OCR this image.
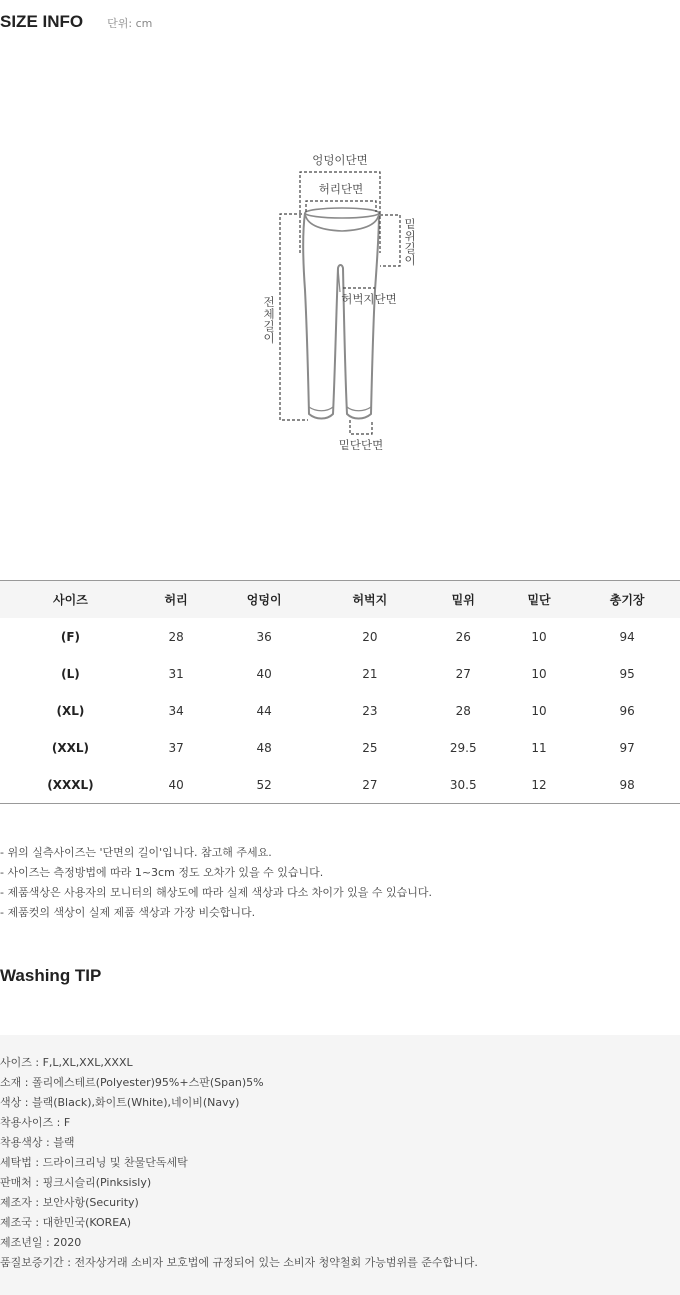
SIZE INFO 단위: cm
엉덩이단면
허리단면
밑
위
길
이
전
체
길
이
허벅지단면
밑단단면
사이즈	허리	엉덩이	허벅지	밑위	밑단	총기장
(F)	28	36	20	26	10	94
(L)	31	40	21	27	10	95
(XL)	34	44	23	28	10	96
(XXL)	37	48	25	29.5	11	97
(XXXL)	40	52	27	30.5	12	98
- 위의 실측사이즈는 '단면의 길이'입니다. 참고해 주세요.
- 사이즈는 측정방법에 따라 1~3cm 정도 오차가 있을 수 있습니다.
- 제품색상은 사용자의 모니터의 해상도에 따라 실제 색상과 다소 차이가 있을 수 있습니다.
- 제품컷의 색상이 실제 제품 색상과 가장 비슷합니다.
Washing TIP
사이즈 : F,L,XL,XXL,XXXL
소재 : 폴리에스테르(Polyester)95%+스판(Span)5%
색상 : 블랙(Black),화이트(White),네이비(Navy)
착용사이즈 : F
착용색상 : 블랙
세탁법 : 드라이크리닝 및 찬물단독세탁
판매처 : 핑크시슬리(Pinksisly)
제조자 : 보안사항(Security)
제조국 : 대한민국(KOREA)
제조년일 : 2020
품질보증기간 : 전자상거래 소비자 보호법에 규정되어 있는 소비자 청약철회 가능범위를 준수합니다.
